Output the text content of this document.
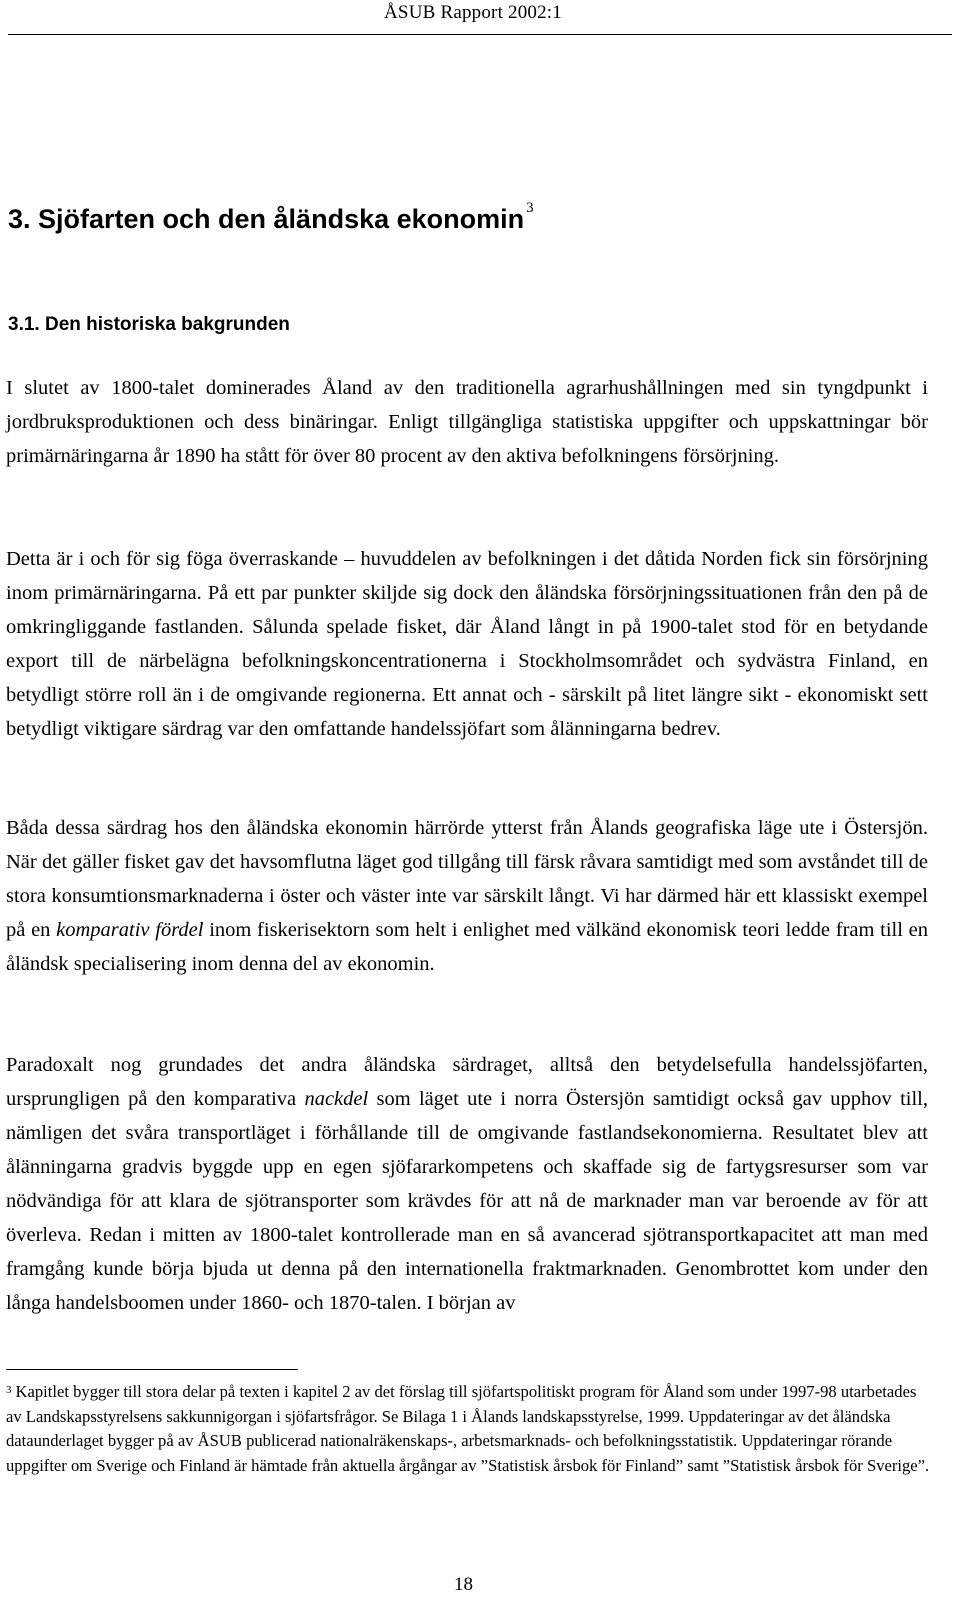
ÅSUB Rapport 2002:1
3. Sjöfarten och den åländska ekonomin $^3$
3.1. Den historiska bakgrunden

I slutet av 1800-talet dominerades Åland av den traditionella agrarhushållningen med sin tyngdpunkt i jordbruksproduktionen och dess binäringar. Enligt tillgängliga statistiska uppgifter och uppskattningar bör primärnäringarna år 1890 ha stått för över 80 procent av den aktiva befolkningens försörjning.

Detta är i och för sig föga överraskande – huvuddelen av befolkningen i det dåtida Norden fick sin försörjning inom primärnäringarna. På ett par punkter skiljde sig dock den åländska försörjningssituationen från den på de omkringliggande fastlanden. Sålunda spelade fisket, där Åland långt in på 1900-talet stod för en betydande export till de närbelägna befolkningskoncentrationerna i Stockholmsområdet och sydvästra Finland, en betydligt större roll än i de omgivande regionerna. Ett annat och - särskilt på litet längre sikt - ekonomiskt sett betydligt viktigare särdrag var den omfattande handelssjöfart som ålänningarna bedrev.

Båda dessa särdrag hos den åländska ekonomin härrörde ytterst från Ålands geografiska läge ute i Östersjön. När det gäller fisket gav det havsomflutna läget god tillgång till färsk råvara samtidigt med som avståndet till de stora konsumtionsmarknaderna i öster och väster inte var särskilt långt. Vi har därmed här ett klassiskt exempel på en komparativ fördel inom fiskerisektorn som helt i enlighet med välkänd ekonomisk teori ledde fram till en åländsk specialisering inom denna del av ekonomin.

Paradoxalt nog grundades det andra åländska särdraget, alltså den betydelsefulla handelssjöfarten, ursprungligen på den komparativa nackdel som läget ute i norra Östersjön samtidigt också gav upphov till, nämligen det svåra transportläget i förhållande till de omgivande fastlandsekonomierna. Resultatet blev att ålänningarna gradvis byggde upp en egen sjöfararkompetens och skaffade sig de fartygsresurser som var nödvändiga för att klara de sjötransporter som krävdes för att nå de marknader man var beroende av för att överleva. Redan i mitten av 1800-talet kontrollerade man en så avancerad sjötransportkapacitet att man med framgång kunde börja bjuda ut denna på den internationella fraktmarknaden. Genombrottet kom under den långa handelsboomen under 1860- och 1870-talen. I början av

$^3$ Kapitlet bygger till stora delar på texten i kapitel 2 av det förslag till sjöfartspolitiskt program för Åland som under 1997-98 utarbetades av Landskapsstyrelsens sakkunnigorgan i sjöfartsfrågor. Se Bilaga 1 i Ålands landskapsstyrelse, 1999. Uppdateringar av det åländska dataunderlaget bygger på av ÅSUB publicerad nationalräkenskaps-, arbetsmarknads- och befolkningsstatistik. Uppdateringar rörande uppgifter om Sverige och Finland är hämtade från aktuella årgångar av ”Statistisk årsbok för Finland” samt ”Statistisk årsbok för Sverige”.

18
